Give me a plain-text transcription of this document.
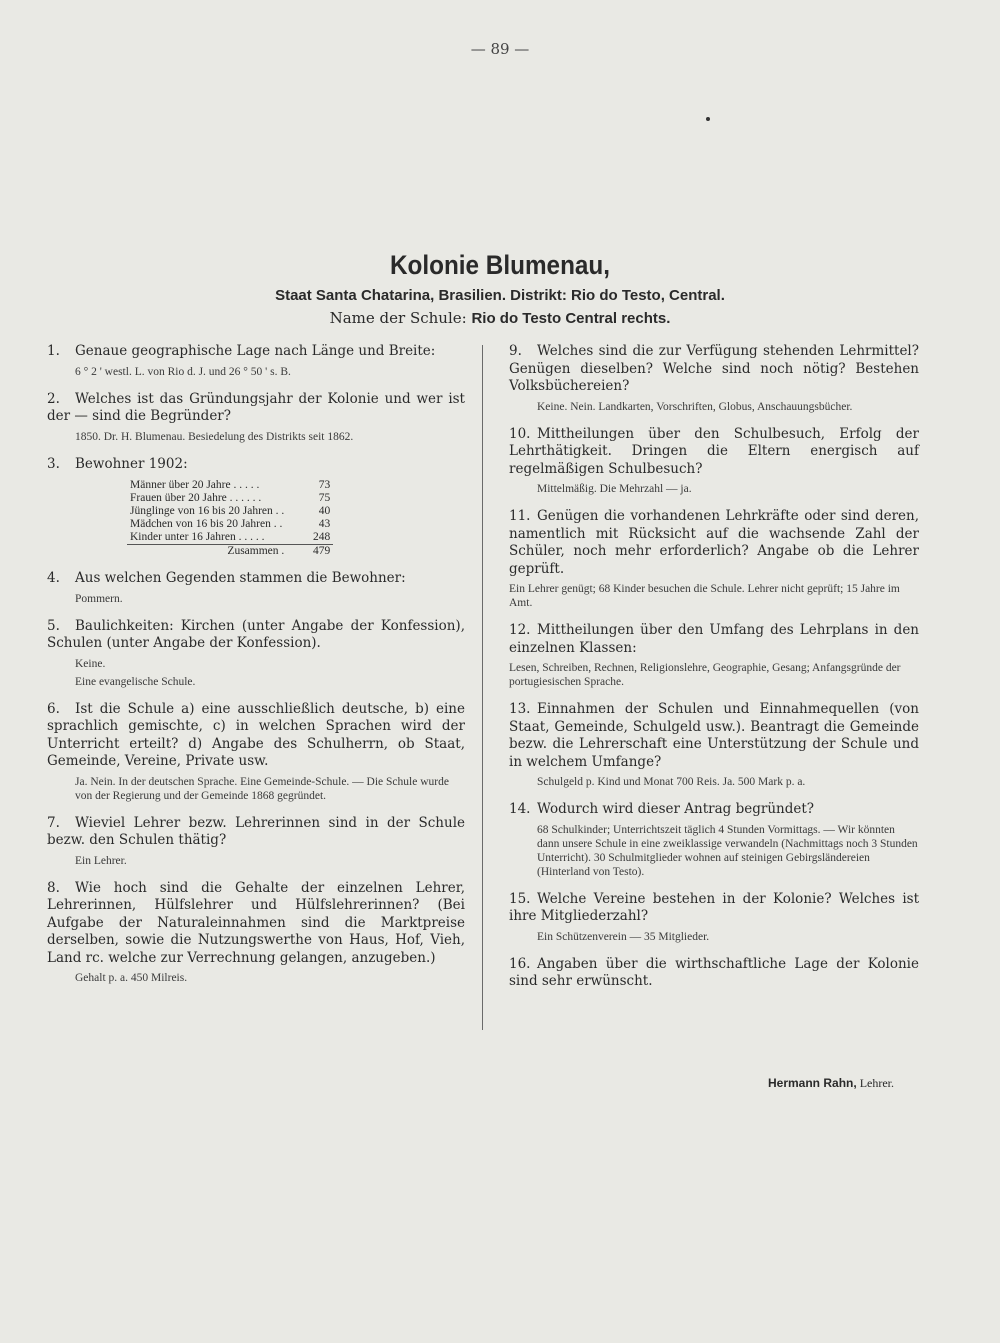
— 89 —
Kolonie Blumenau,
Staat Santa Chatarina, Brasilien. Distrikt: Rio do Testo, Central.
Name der Schule: Rio do Testo Central rechts.

1. Genaue geographische Lage nach Länge und Breite:

6 ° 2 ' westl. L. von Rio d. J. und 26 ° 50 ' s. B.

2. Welches ist das Gründungsjahr der Kolonie und wer ist der — sind die Begründer?

1850. Dr. H. Blumenau. Besiedelung des Distrikts seit 1862.

3. Bewohner 1902:

Männer über 20 Jahre . . . . .	73
Frauen über 20 Jahre . . . . . .	75
Jünglinge von 16 bis 20 Jahren . .	40
Mädchen von 16 bis 20 Jahren . .	43
Kinder unter 16 Jahren . . . . .	248
Zusammen .	479

4. Aus welchen Gegenden stammen die Bewohner:

Pommern.

5. Baulichkeiten: Kirchen (unter Angabe der Konfession), Schulen (unter Angabe der Konfession).

Keine.
Eine evangelische Schule.

6. Ist die Schule a) eine ausschließlich deutsche, b) eine sprachlich gemischte, c) in welchen Sprachen wird der Unterricht erteilt? d) Angabe des Schulherrn, ob Staat, Gemeinde, Vereine, Private usw.

Ja. Nein. In der deutschen Sprache. Eine Gemeinde-Schule. — Die Schule wurde von der Regierung und der Gemeinde 1868 gegründet.

7. Wieviel Lehrer bezw. Lehrerinnen sind in der Schule bezw. den Schulen thätig?

Ein Lehrer.

8. Wie hoch sind die Gehalte der einzelnen Lehrer, Lehrerinnen, Hülfslehrer und Hülfslehrerinnen? (Bei Aufgabe der Naturaleinnahmen sind die Marktpreise derselben, sowie die Nutzungswerthe von Haus, Hof, Vieh, Land rc. welche zur Verrechnung gelangen, anzugeben.)

Gehalt p. a. 450 Milreis.

9. Welches sind die zur Verfügung stehenden Lehrmittel? Genügen dieselben? Welche sind noch nötig? Bestehen Volksbüchereien?

Keine. Nein. Landkarten, Vorschriften, Globus, Anschauungsbücher.

10. Mittheilungen über den Schulbesuch, Erfolg der Lehrthätigkeit. Dringen die Eltern energisch auf regelmäßigen Schulbesuch?

Mittelmäßig. Die Mehrzahl — ja.

11. Genügen die vorhandenen Lehrkräfte oder sind deren, namentlich mit Rücksicht auf die wachsende Zahl der Schüler, noch mehr erforderlich? Angabe ob die Lehrer geprüft.

Ein Lehrer genügt; 68 Kinder besuchen die Schule. Lehrer nicht geprüft; 15 Jahre im Amt.

12. Mittheilungen über den Umfang des Lehrplans in den einzelnen Klassen:

Lesen, Schreiben, Rechnen, Religionslehre, Geographie, Gesang; Anfangsgründe der portugiesischen Sprache.

13. Einnahmen der Schulen und Einnahmequellen (von Staat, Gemeinde, Schulgeld usw.). Beantragt die Gemeinde bezw. die Lehrerschaft eine Unterstützung der Schule und in welchem Umfange?

Schulgeld p. Kind und Monat 700 Reis. Ja. 500 Mark p. a.

14. Wodurch wird dieser Antrag begründet?

68 Schulkinder; Unterrichtszeit täglich 4 Stunden Vormittags. — Wir könnten dann unsere Schule in eine zweiklassige verwandeln (Nachmittags noch 3 Stunden Unterricht). 30 Schulmitglieder wohnen auf steinigen Gebirgsländereien (Hinterland von Testo).

15. Welche Vereine bestehen in der Kolonie? Welches ist ihre Mitgliederzahl?

Ein Schützenverein — 35 Mitglieder.

16. Angaben über die wirthschaftliche Lage der Kolonie sind sehr erwünscht.

Hermann Rahn, Lehrer.
